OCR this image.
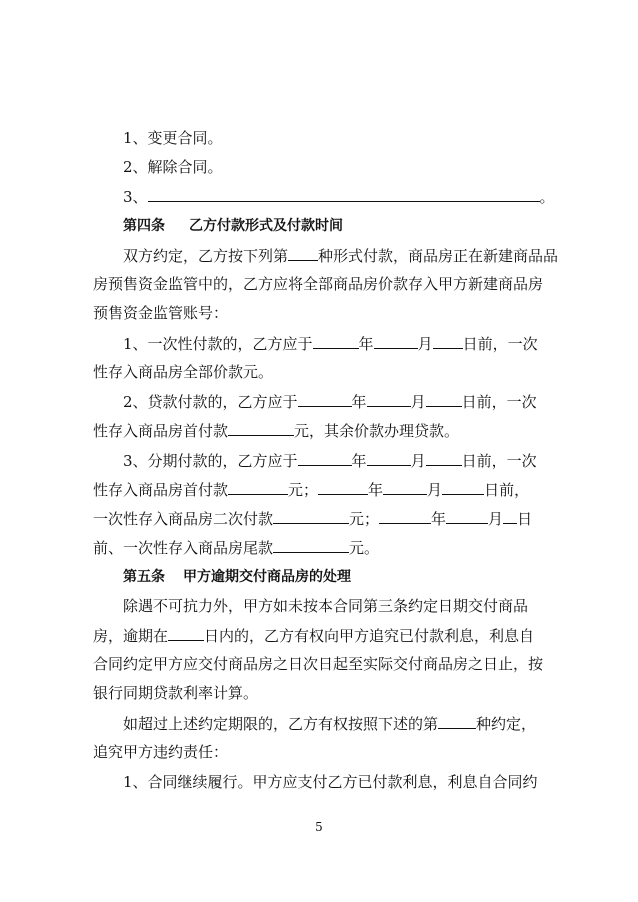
1、变更合同。
2、解除合同。
3、	。
第四条 乙方付款形式及付款时间
双方约定，乙方按下列第 种形式付款，商品房正在新建商品品
房预售资金监管中的，乙方应将全部商品房价款存入甲方新建商品房
预售资金监管账号：
1、一次性付款的，乙方应于	年	月 日前，一次
性存入商品房全部价款元。
2、贷款付款的，乙方应于	年	月 日前，一次
性存入商品房首付款	元，其余价款办理贷款。
3、分期付款的，乙方应于	年	月 日前，一次
性存入商品房首付款	元；	年	月	日前，
一次性存入商品房二次付款	元；	年	月 日
前、一次性存入商品房尾款	元。
第五条 甲方逾期交付商品房的处理
除遇不可抗力外，甲方如未按本合同第三条约定日期交付商品
房，逾期在 日内的，乙方有权向甲方追究已付款利息，利息自
合同约定甲方应交付商品房之日次日起至实际交付商品房之日止，按
银行同期贷款利率计算。
如超过上述约定期限的，乙方有权按照下述的第	种约定，
追究甲方违约责任：
1、合同继续履行。甲方应支付乙方已付款利息，利息自合同约
5
